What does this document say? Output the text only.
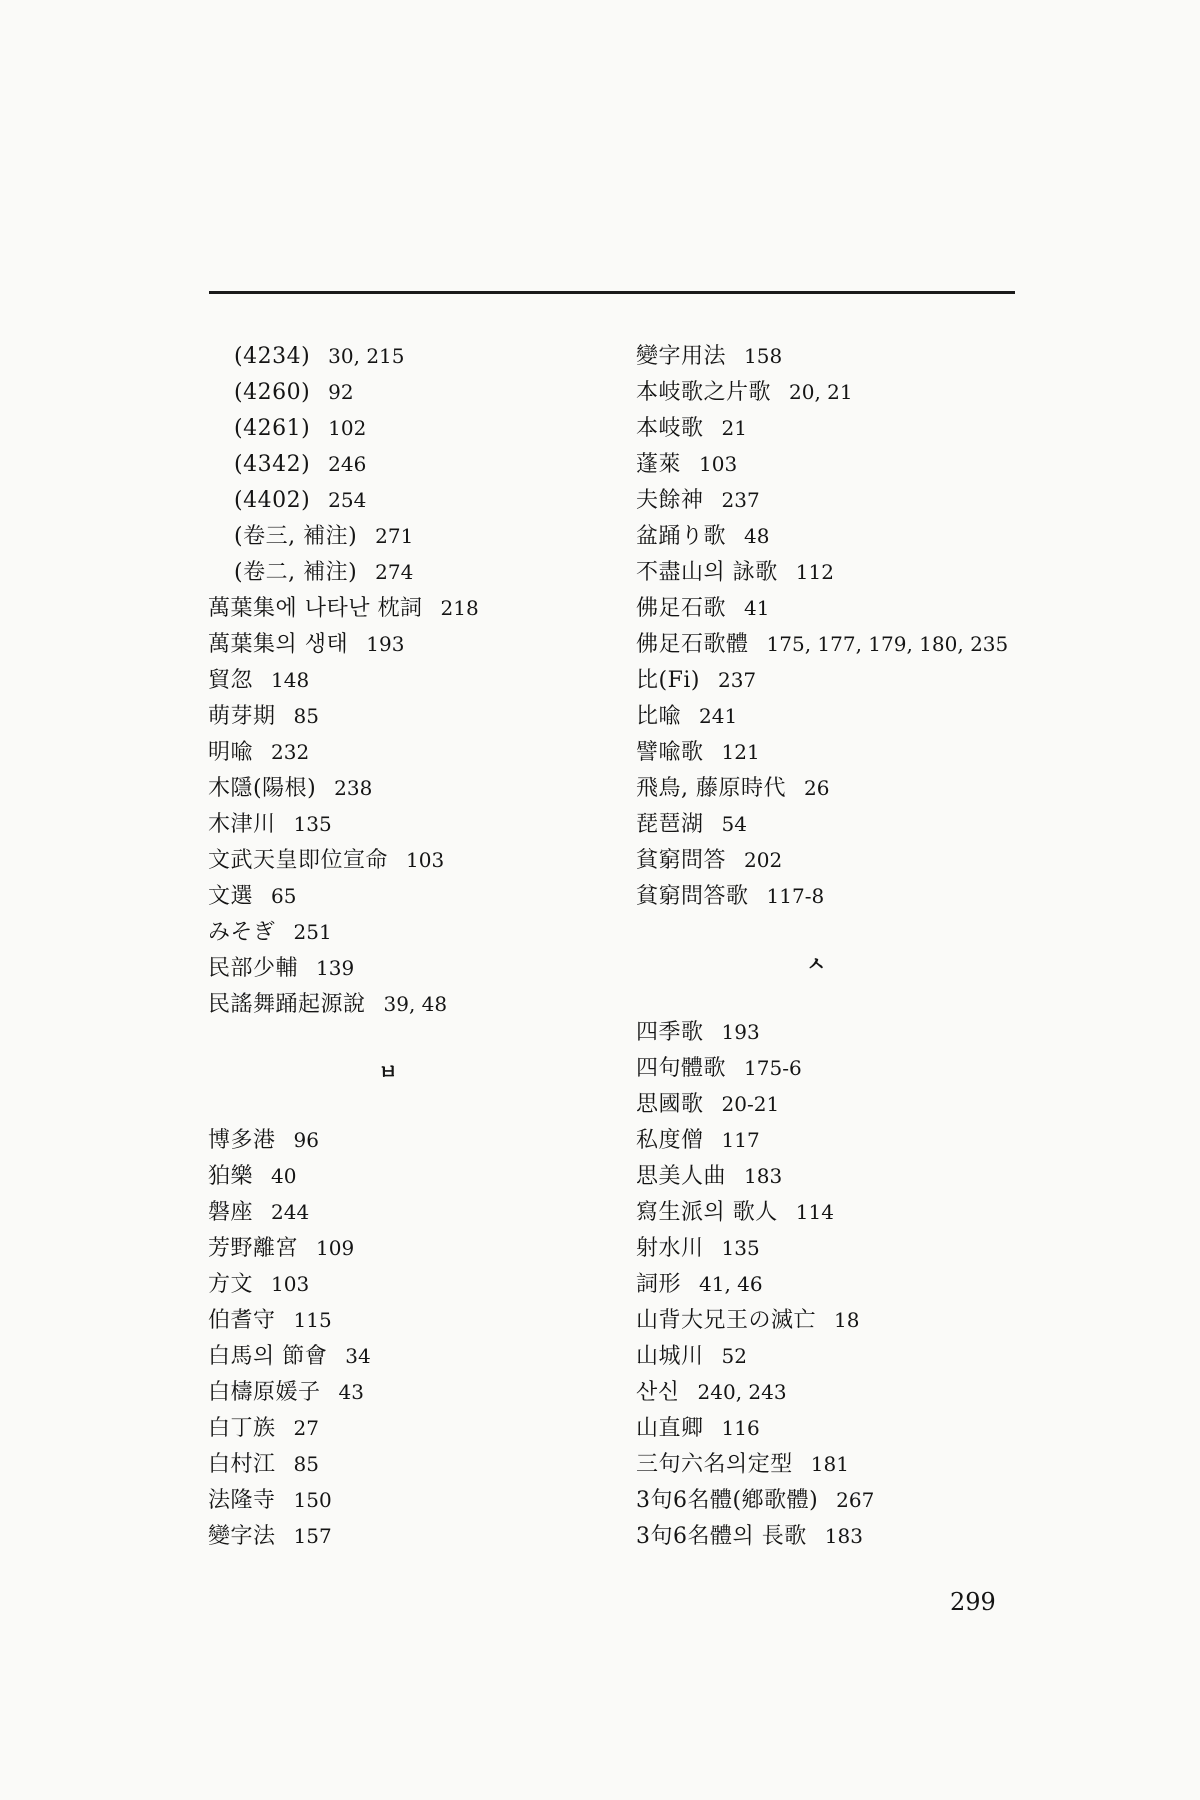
(4234) 30, 215
(4260) 92
(4261) 102
(4342) 246
(4402) 254
(卷三, 補注) 271
(卷二, 補注) 274
萬葉集에 나타난 枕詞 218
萬葉集의 생태 193
貿忽 148
萌芽期 85
明喩 232
木隱(陽根) 238
木津川 135
文武天皇即位宣命 103
文選 65
みそぎ 251
民部少輔 139
民謠舞踊起源說 39, 48
ㅂ
博多港 96
狛樂 40
磐座 244
芳野離宮 109
方文 103
伯耆守 115
白馬의 節會 34
白檮原媛子 43
白丁族 27
白村江 85
法隆寺 150
變字法 157
變字用法 158
本岐歌之片歌 20, 21
本岐歌 21
蓬萊 103
夫餘神 237
盆踊り歌 48
不盡山의 詠歌 112
佛足石歌 41
佛足石歌體 175, 177, 179, 180, 235
比(Fi) 237
比喩 241
譬喩歌 121
飛鳥, 藤原時代 26
琵琶湖 54
貧窮問答 202
貧窮問答歌 117-8
ㅅ
四季歌 193
四句體歌 175-6
思國歌 20-21
私度僧 117
思美人曲 183
寫生派의 歌人 114
射水川 135
詞形 41, 46
山背大兄王の滅亡 18
山城川 52
산신 240, 243
山直卿 116
三句六名의定型 181
3句6名體(鄕歌體) 267
3句6名體의 長歌 183
299
